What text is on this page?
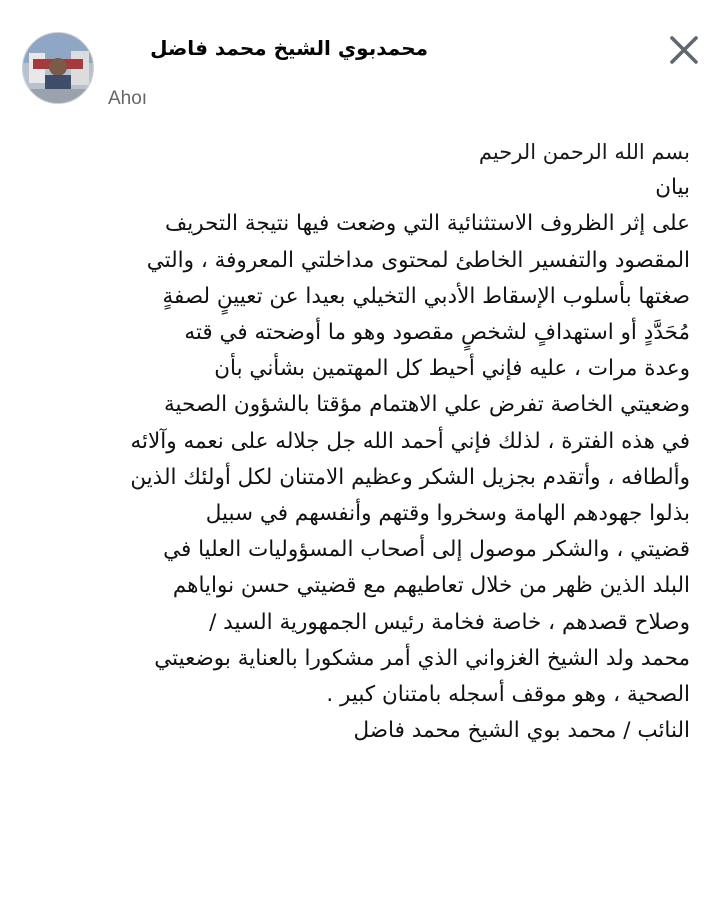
محمدبوي الشيخ محمد فاضل
Ahoı
بسم الله الرحمن الرحيم
بيان
على إثر الظروف الاستثنائية التي وضعت فيها نتيجة التحريف
المقصود والتفسير الخاطئ لمحتوى مداخلتي المعروفة ، والتي
صغتها بأسلوب الإسقاط الأدبي التخيلي بعيدا عن تعيينٍ لصفةٍ
مُحَدَّدٍ أو استهدافٍ لشخصٍ مقصود وهو ما أوضحته في قته
وعدة مرات ، عليه فإني أحيط كل المهتمين بشأني بأن
وضعيتي الخاصة تفرض علي الاهتمام مؤقتا بالشؤون الصحية
في هذه الفترة ، لذلك فإني أحمد الله جل جلاله على نعمه وآلائه
وألطافه ، وأتقدم بجزيل الشكر وعظيم الامتنان لكل أولئك الذين
بذلوا جهودهم الهامة وسخروا وقتهم وأنفسهم في سبيل
قضيتي ، والشكر موصول إلى أصحاب المسؤوليات العليا في
البلد الذين ظهر من خلال تعاطيهم مع قضيتي حسن نواياهم
وصلاح قصدهم ، خاصة فخامة رئيس الجمهورية السيد /
محمد ولد الشيخ الغزواني الذي أمر مشكورا بالعناية بوضعيتي
الصحية ، وهو موقف أسجله بامتنان كبير .
النائب / محمد بوي الشيخ محمد فاضل
